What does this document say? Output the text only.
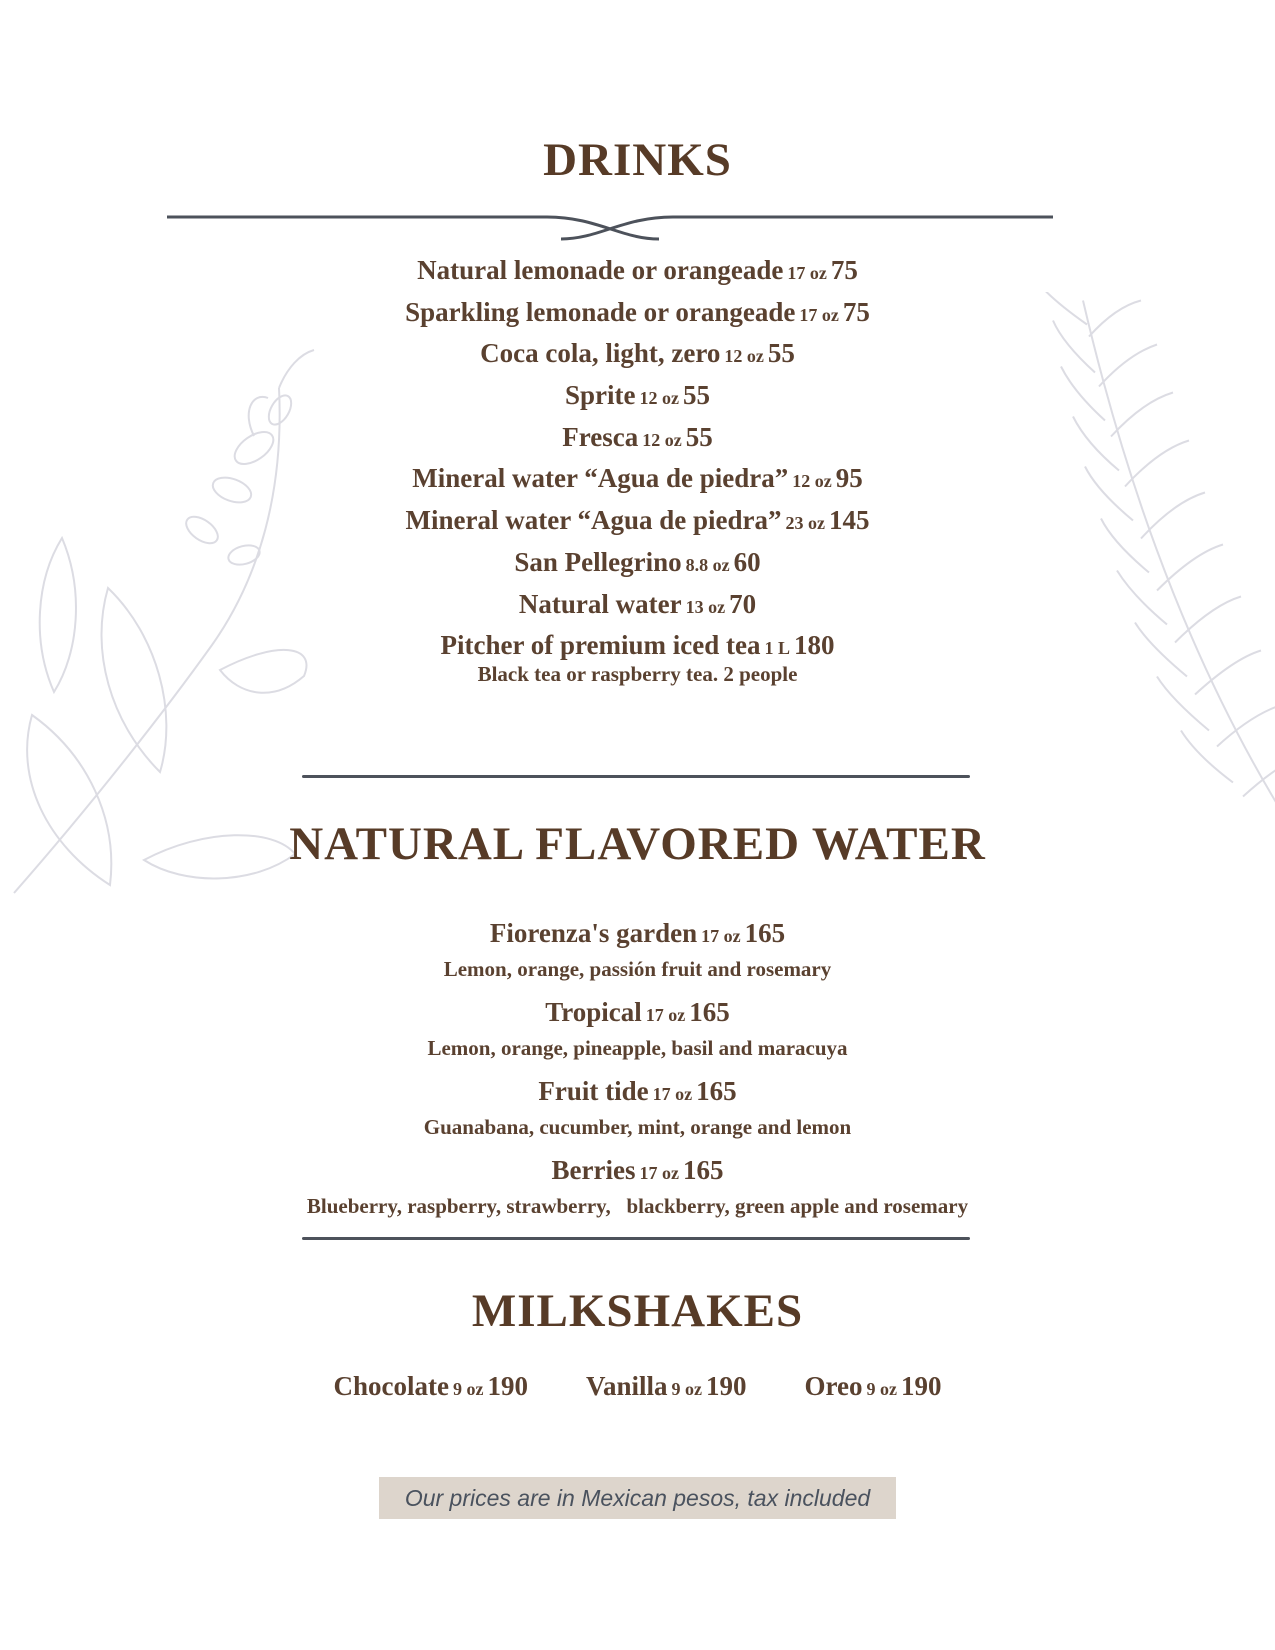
DRINKS
Natural lemonade or orangeade 17 oz 75
Sparkling lemonade or orangeade 17 oz 75
Coca cola, light, zero 12 oz 55
Sprite 12 oz 55
Fresca 12 oz 55
Mineral water “Agua de piedra” 12 oz 95
Mineral water “Agua de piedra” 23 oz 145
San Pellegrino 8.8 oz 60
Natural water 13 oz 70
Pitcher of premium iced tea 1 L 180
Black tea or raspberry tea. 2 people
NATURAL FLAVORED WATER
Fiorenza's garden 17 oz 165
Lemon, orange, passión fruit and rosemary
Tropical 17 oz 165
Lemon, orange, pineapple, basil and maracuya
Fruit tide 17 oz 165
Guanabana, cucumber, mint, orange and lemon
Berries 17 oz 165
Blueberry, raspberry, strawberry,   blackberry, green apple and rosemary
MILKSHAKES
Chocolate 9 oz 190 Vanilla 9 oz 190 Oreo 9 oz 190
Our prices are in Mexican pesos, tax included
